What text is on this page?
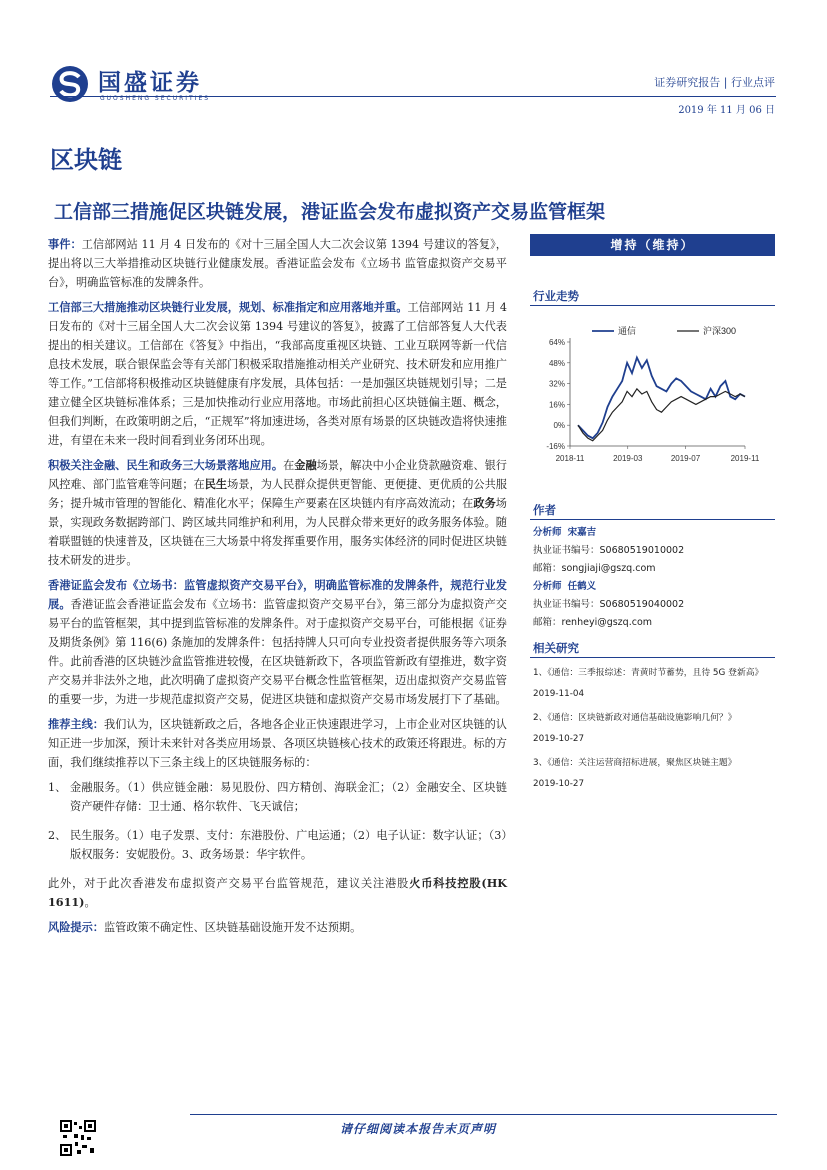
国盛证券
GUOSHENG SECURITIES
证券研究报告 | 行业点评
2019 年 11 月 06 日
区块链
工信部三措施促区块链发展，港证监会发布虚拟资产交易监管框架

事件：工信部网站 11 月 4 日发布的《对十三届全国人大二次会议第 1394 号建议的答复》，提出将以三大举措推动区块链行业健康发展。香港证监会发布《立场书 监管虚拟资产交易平台》，明确监管标准的发牌条件。

工信部三大措施推动区块链行业发展，规划、标准指定和应用落地并重。工信部网站 11 月 4 日发布的《对十三届全国人大二次会议第 1394 号建议的答复》，披露了工信部答复人大代表提出的相关建议。工信部在《答复》中指出，“我部高度重视区块链、工业互联网等新一代信息技术发展，联合银保监会等有关部门积极采取措施推动相关产业研究、技术研发和应用推广等工作。”工信部将积极推动区块链健康有序发展，具体包括：一是加强区块链规划引导；二是建立健全区块链标准体系；三是加快推动行业应用落地。市场此前担心区块链偏主题、概念，但我们判断，在政策明朗之后，“正规军”将加速进场，各类对原有场景的区块链改造将快速推进，有望在未来一段时间看到业务闭环出现。

积极关注金融、民生和政务三大场景落地应用。在金融场景，解决中小企业贷款融资难、银行风控难、部门监管难等问题；在民生场景，为人民群众提供更智能、更便捷、更优质的公共服务；提升城市管理的智能化、精准化水平；保障生产要素在区块链内有序高效流动；在政务场景，实现政务数据跨部门、跨区域共同维护和利用，为人民群众带来更好的政务服务体验。随着联盟链的快速普及，区块链在三大场景中将发挥重要作用，服务实体经济的同时促进区块链技术研发的进步。

香港证监会发布《立场书：监管虚拟资产交易平台》，明确监管标准的发牌条件，规范行业发展。香港证监会香港证监会发布《立场书：监管虚拟资产交易平台》，第三部分为虚拟资产交易平台的监管框架，其中提到监管标准的发牌条件。对于虚拟资产交易平台，可能根据《证券及期货条例》第 116(6) 条施加的发牌条件：包括持牌人只可向专业投资者提供服务等六项条件。此前香港的区块链沙盒监管推进较慢，在区块链新政下，各项监管新政有望推进，数字资产交易并非法外之地，此次明确了虚拟资产交易平台概念性监管框架，迈出虚拟资产交易监管的重要一步，为进一步规范虚拟资产交易，促进区块链和虚拟资产交易市场发展打下了基础。

推荐主线：我们认为，区块链新政之后，各地各企业正快速跟进学习，上市企业对区块链的认知正进一步加深，预计未来针对各类应用场景、各项区块链核心技术的政策还将跟进。标的方面，我们继续推荐以下三条主线上的区块链服务标的：

1、 金融服务。（1）供应链金融：易见股份、四方精创、海联金汇；（2）金融安全、区块链资产硬件存储：卫士通、格尔软件、飞天诚信；
2、 民生服务。（1）电子发票、支付：东港股份、广电运通；（2）电子认证：数字认证；（3）版权服务：安妮股份。3、政务场景：华宇软件。

此外，对于此次香港发布虚拟资产交易平台监管规范，建议关注港股火币科技控股(HK 1611)。

风险提示：监管政策不确定性、区块链基础设施开发不达预期。

增持（维持）
行业走势
64%
48%
32%
16%
0%
-16%
2018-11	2019-03	2019-07	2019-11
通信	沪深300
作者
分析师 宋嘉吉
执业证书编号：S0680519010002
邮箱：songjiaji@gszq.com
分析师 任鹤义
执业证书编号：S0680519040002
邮箱：renheyi@gszq.com
相关研究
1、《通信：三季报综述：青黄时节蓄势，且待 5G 登新高》 2019-11-04
2、《通信：区块链新政对通信基础设施影响几何？》
2019-10-27
3、《通信：关注运营商招标进展，聚焦区块链主题》
2019-10-27
请仔细阅读本报告末页声明
